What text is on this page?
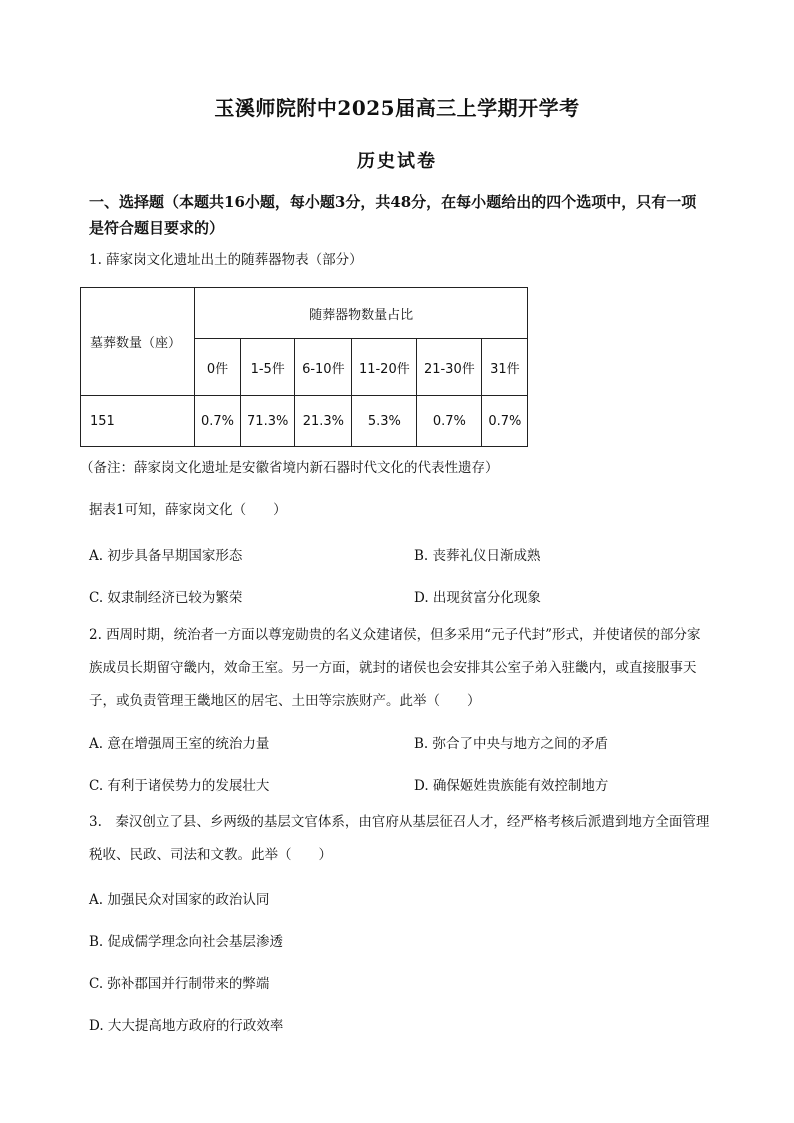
玉溪师院附中2025届高三上学期开学考
历史试卷
一、选择题（本题共16小题，每小题3分，共48分，在每小题给出的四个选项中，只有一项是符合题目要求的）
1. 薛家岗文化遗址出土的随葬器物表（部分）
墓葬数量（座）	随葬器物数量占比					
	0件	1-5件	6-10件	11-20件	21-30件	31件
151	0.7%	71.3%	21.3%	5.3%	0.7%	0.7%
（备注：薛家岗文化遗址是安徽省境内新石器时代文化的代表性遗存）
据表1可知，薛家岗文化（　　）
A. 初步具备早期国家形态	B. 丧葬礼仪日渐成熟
C. 奴隶制经济已较为繁荣	D. 出现贫富分化现象
2. 西周时期，统治者一方面以尊宠勋贵的名义众建诸侯，但多采用“元子代封”形式，并使诸侯的部分家族成员长期留守畿内，效命王室。另一方面，就封的诸侯也会安排其公室子弟入驻畿内，或直接服事天子，或负责管理王畿地区的居宅、土田等宗族财产。此举（　　）
A. 意在增强周王室的统治力量	B. 弥合了中央与地方之间的矛盾
C. 有利于诸侯势力的发展壮大	D. 确保姬姓贵族能有效控制地方
3.　秦汉创立了县、乡两级的基层文官体系，由官府从基层征召人才，经严格考核后派遣到地方全面管理税收、民政、司法和文教。此举（　　）
A. 加强民众对国家的政治认同
B. 促成儒学理念向社会基层渗透
C. 弥补郡国并行制带来的弊端
D. 大大提高地方政府的行政效率
